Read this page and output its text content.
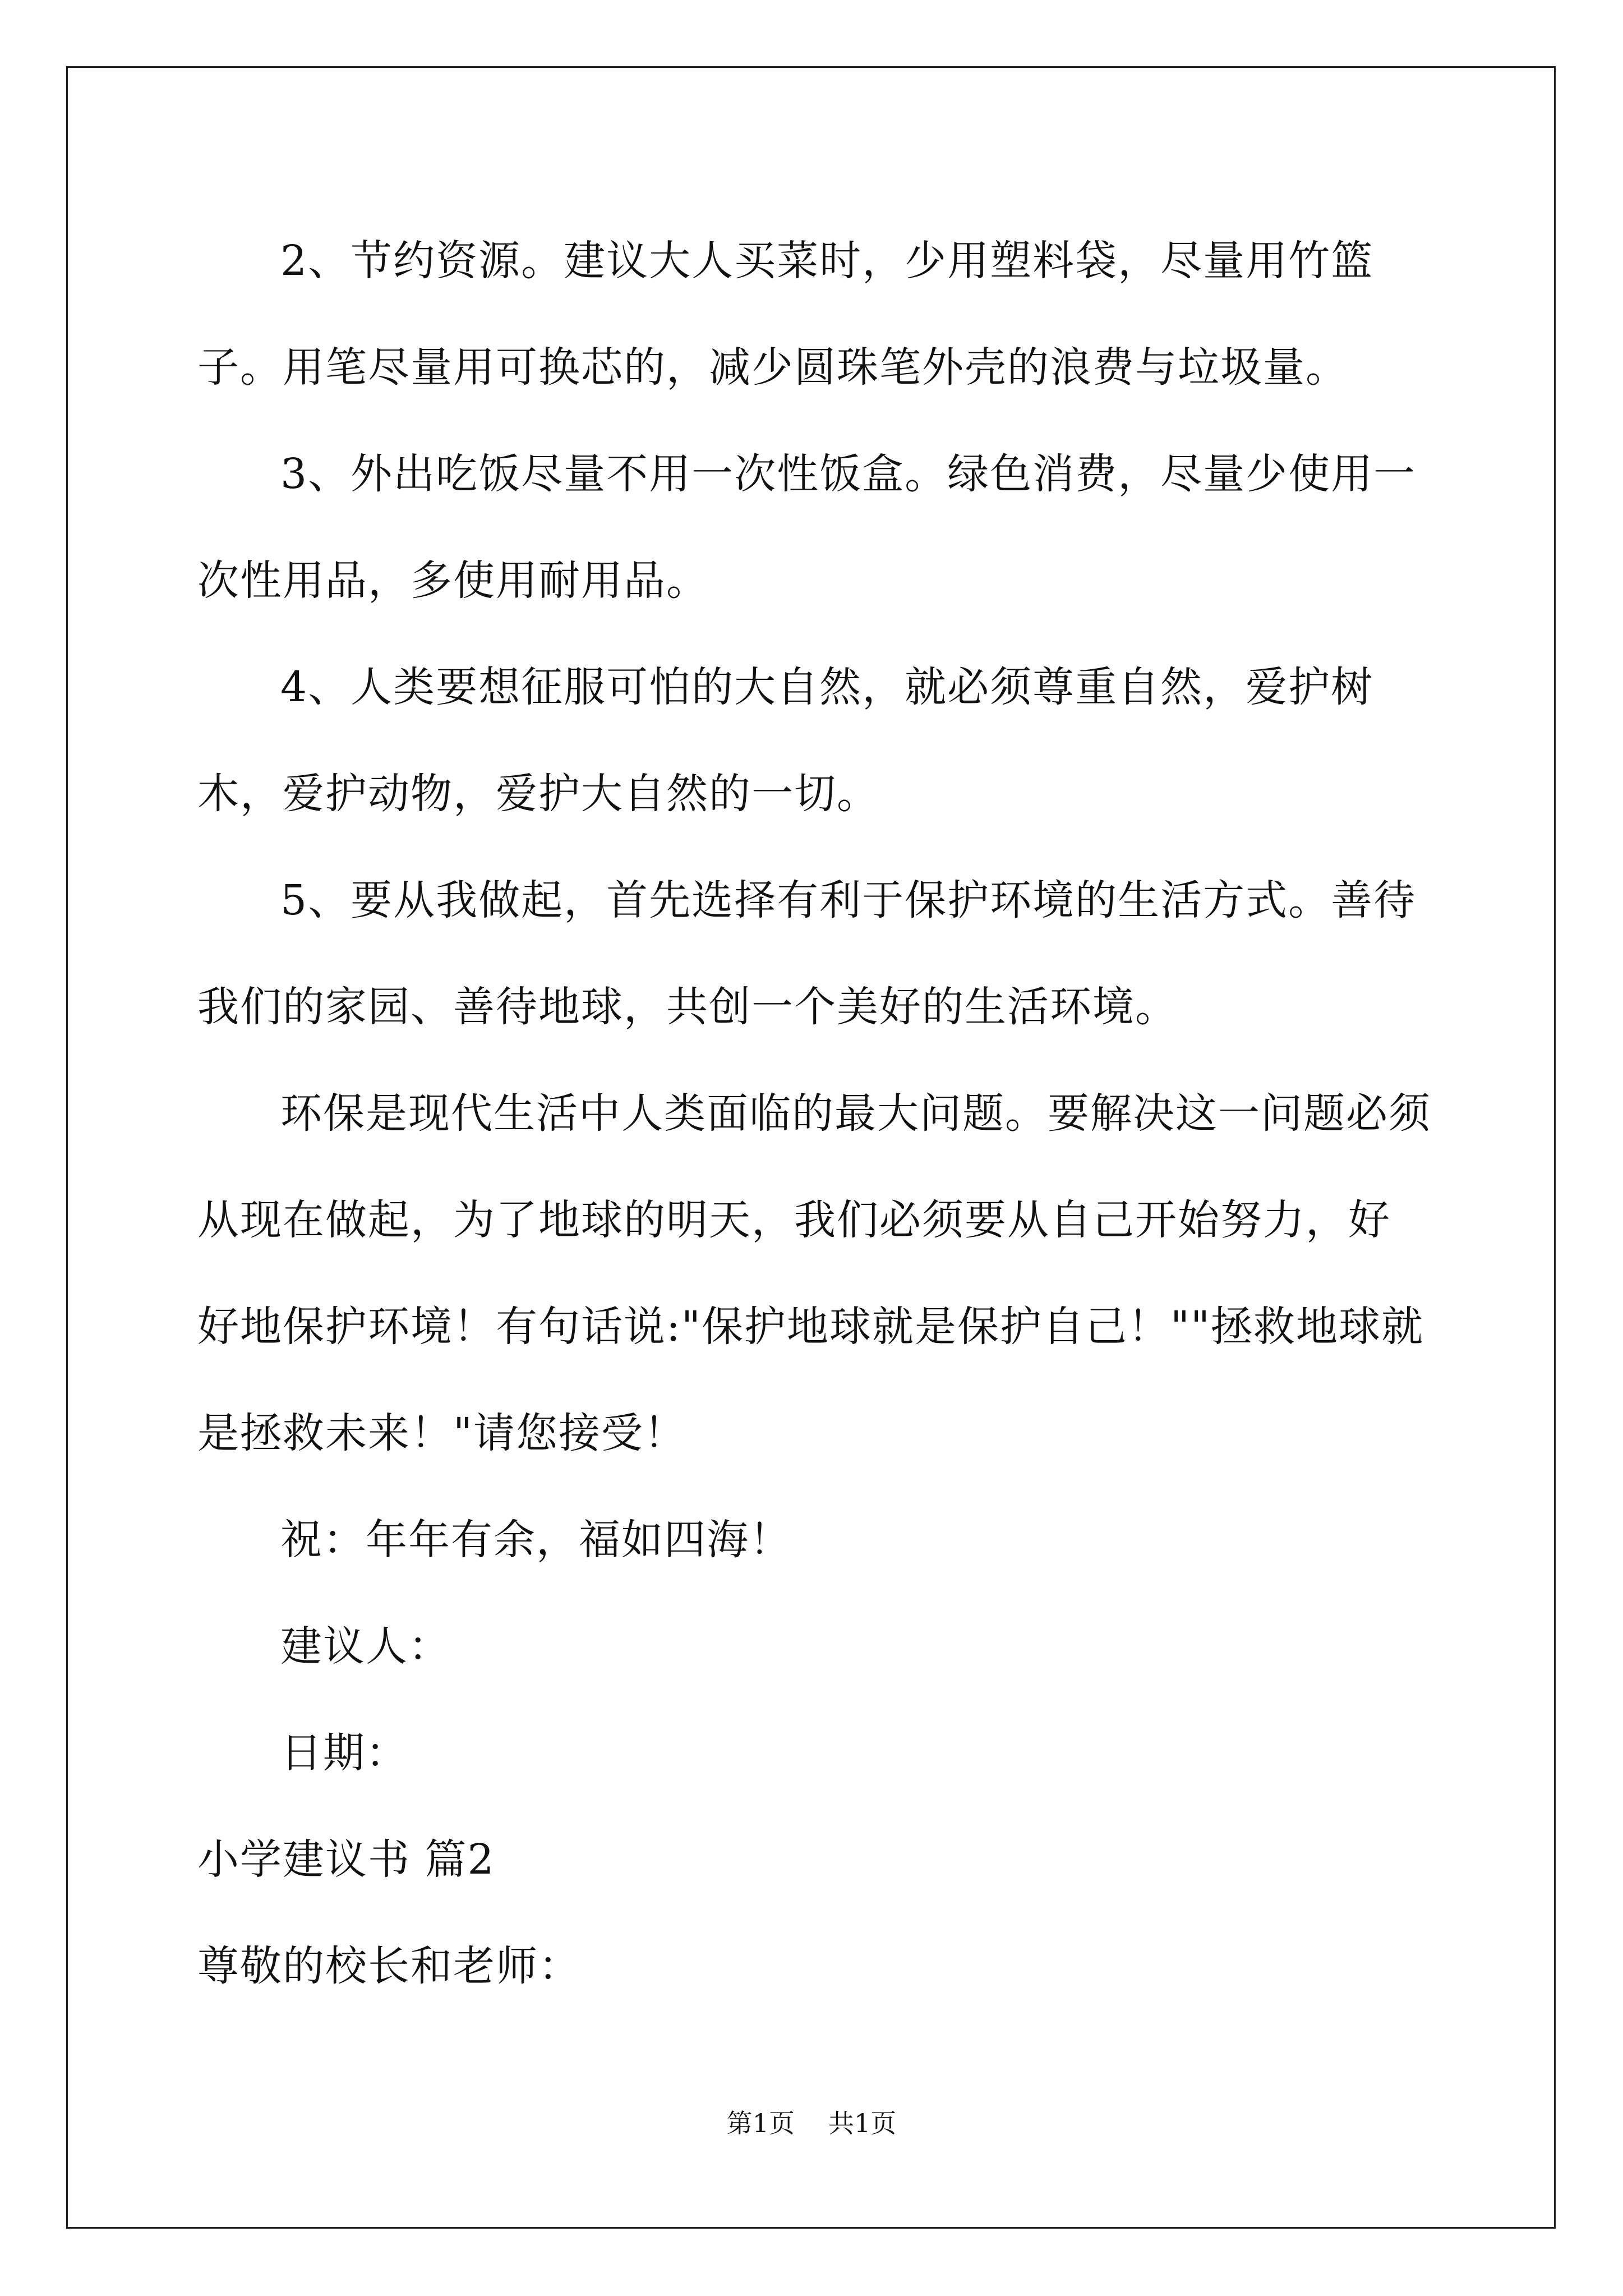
2、节约资源。建议大人买菜时，少用塑料袋，尽量用竹篮子。用笔尽量用可换芯的，减少圆珠笔外壳的浪费与垃圾量。

3、外出吃饭尽量不用一次性饭盒。绿色消费，尽量少使用一次性用品，多使用耐用品。

4、人类要想征服可怕的大自然，就必须尊重自然，爱护树木，爱护动物，爱护大自然的一切。

5、要从我做起，首先选择有利于保护环境的生活方式。善待我们的家园、善待地球，共创一个美好的生活环境。

环保是现代生活中人类面临的最大问题。要解决这一问题必须从现在做起，为了地球的明天，我们必须要从自己开始努力，好好地保护环境！有句话说:"保护地球就是保护自己！""拯救地球就是拯救未来！"请您接受！

祝：年年有余，福如四海！

建议人：

日期：

小学建议书 篇2

尊敬的校长和老师：

第1页 共1页
